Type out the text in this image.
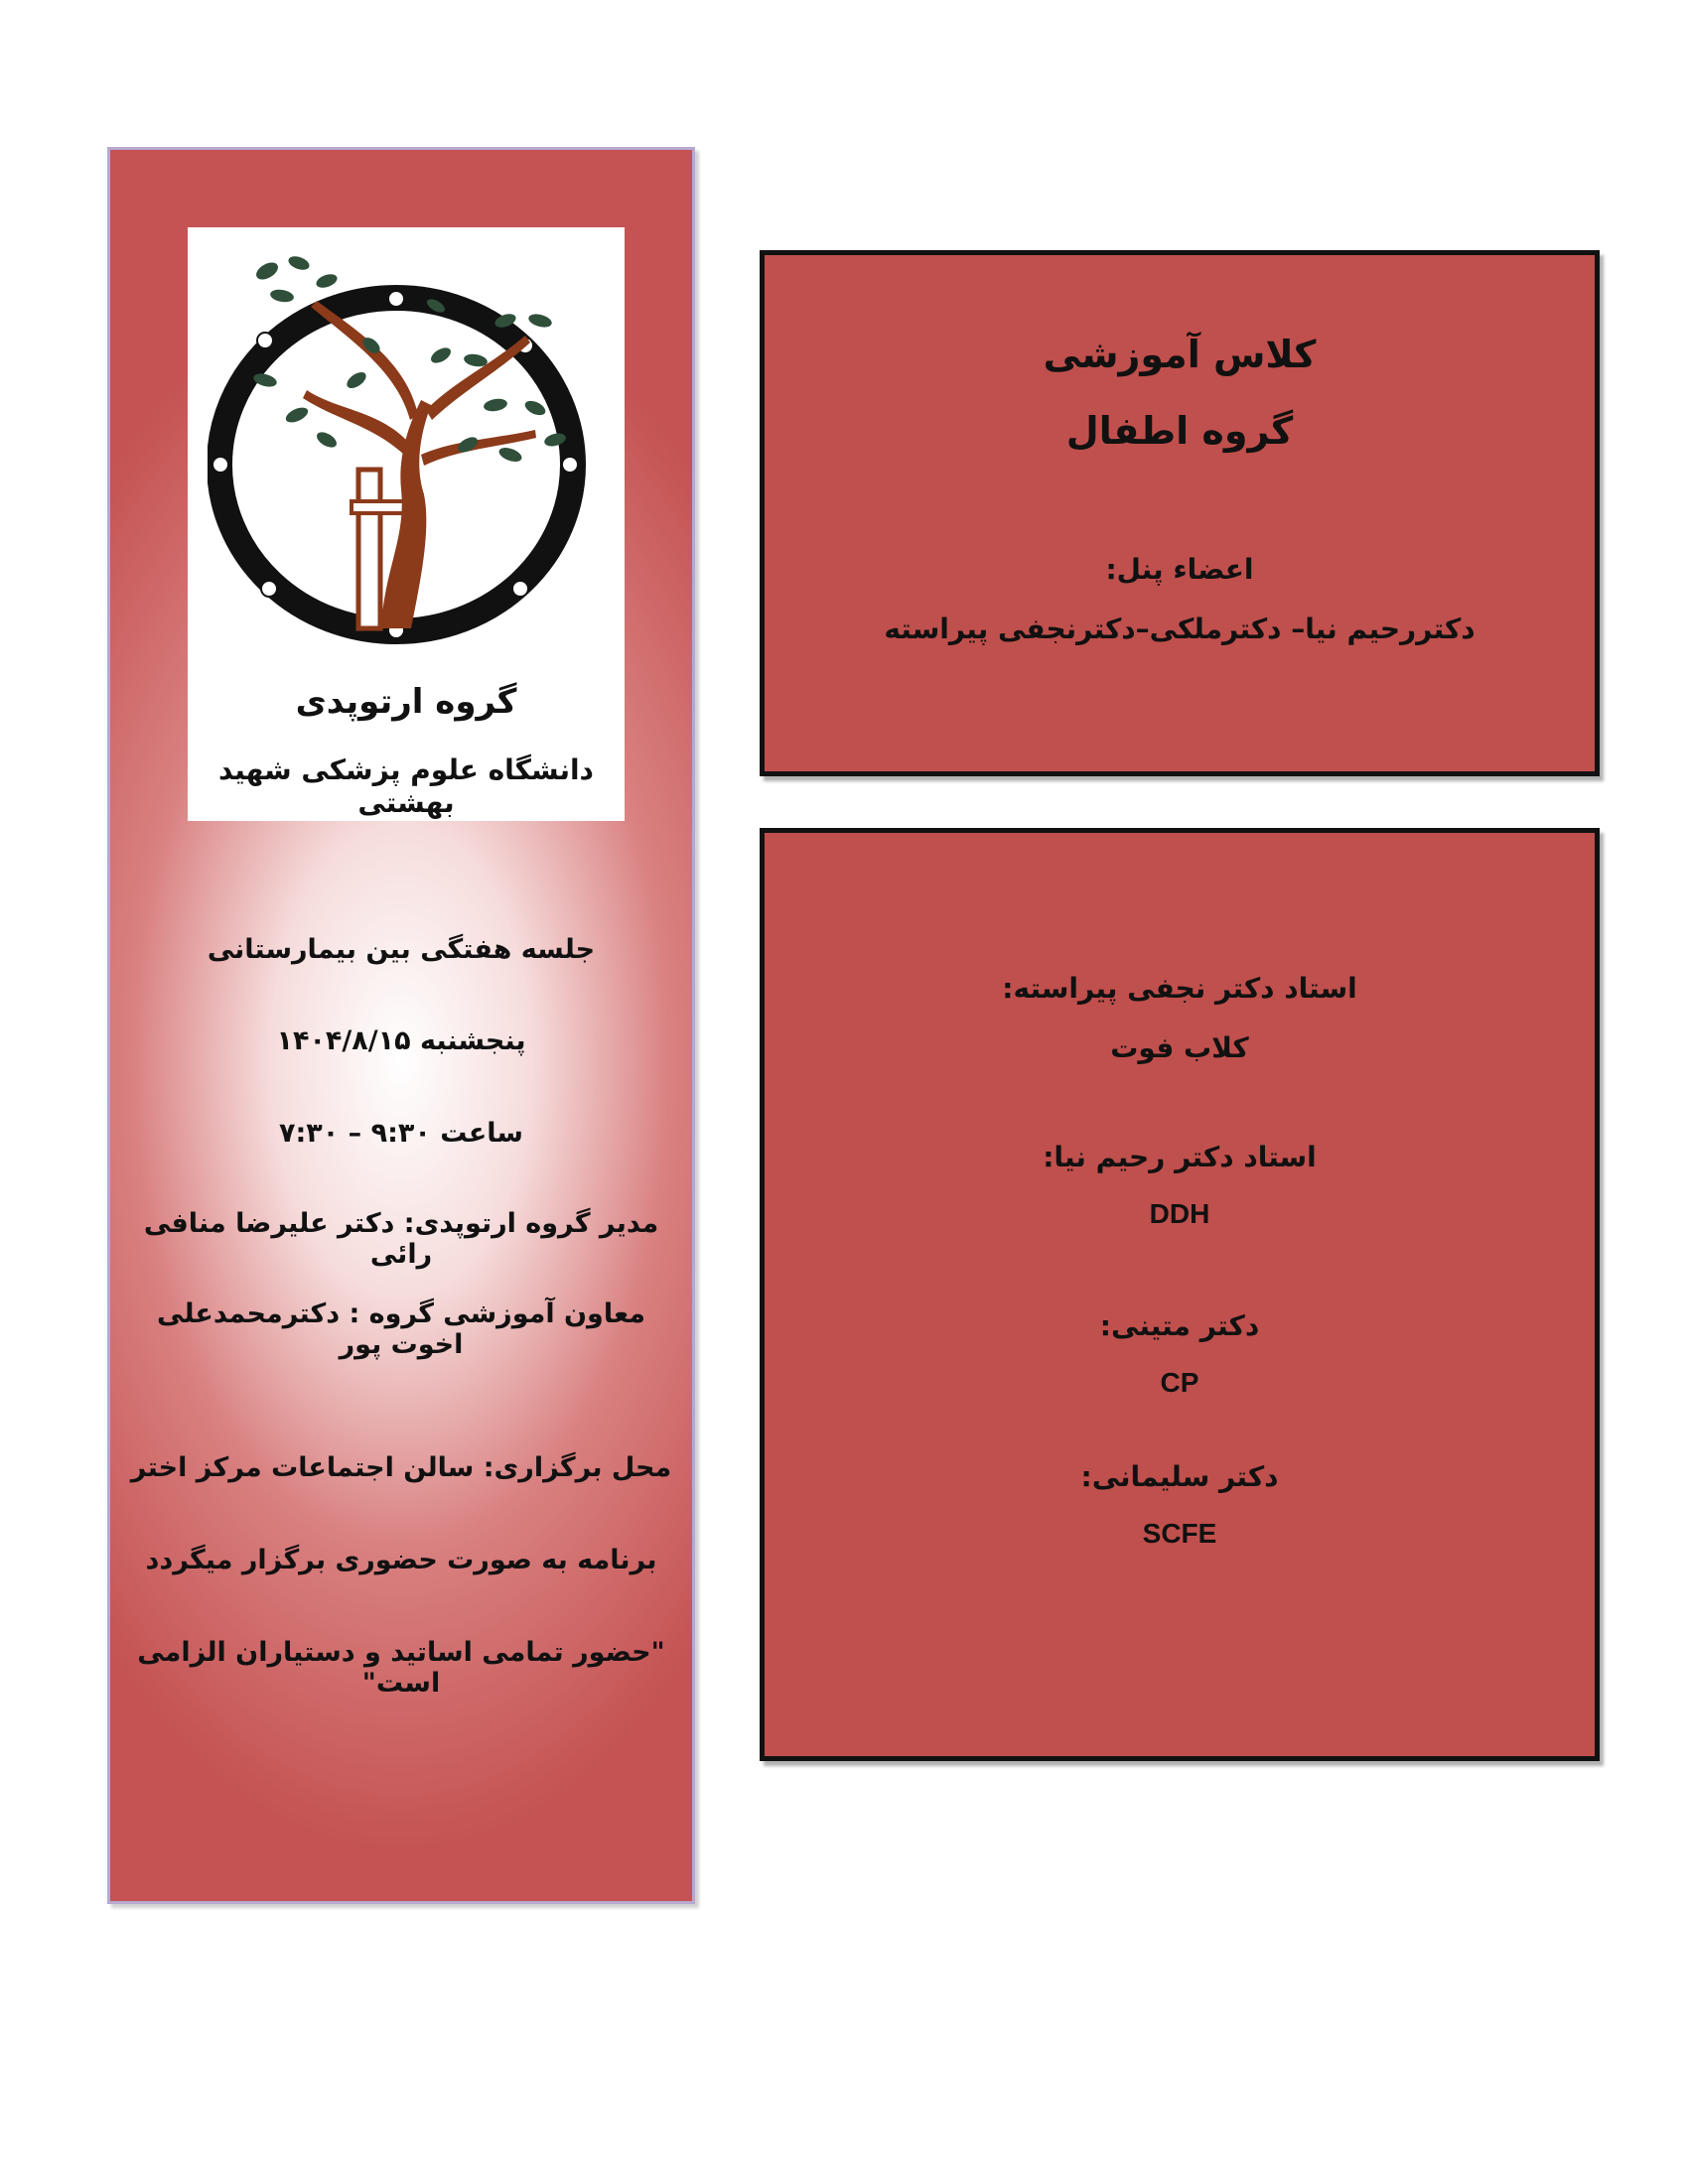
گروه ارتوپدی
دانشگاه علوم پزشکی شهید بهشتی
جلسه هفتگی بین بیمارستانی
پنجشنبه ۱۴۰۴/۸/۱۵
ساعت ۹:۳۰ – ۷:۳۰
مدیر گروه ارتوپدی: دکتر علیرضا منافی رائی
معاون آموزشی گروه : دکترمحمدعلی اخوت پور
محل برگزاری: سالن اجتماعات مرکز اختر
برنامه به صورت حضوری برگزار میگردد
"حضور تمامی اساتید و دستیاران الزامی است"
کلاس آموزشی
گروه اطفال
اعضاء پنل:
دکتررحیم نیا– دکترملکی–دکترنجفی پیراسته
استاد دکتر نجفی پیراسته:
کلاب فوت
استاد دکتر رحیم نیا:
DDH
دکتر متینی:
CP
دکتر سلیمانی:
SCFE
